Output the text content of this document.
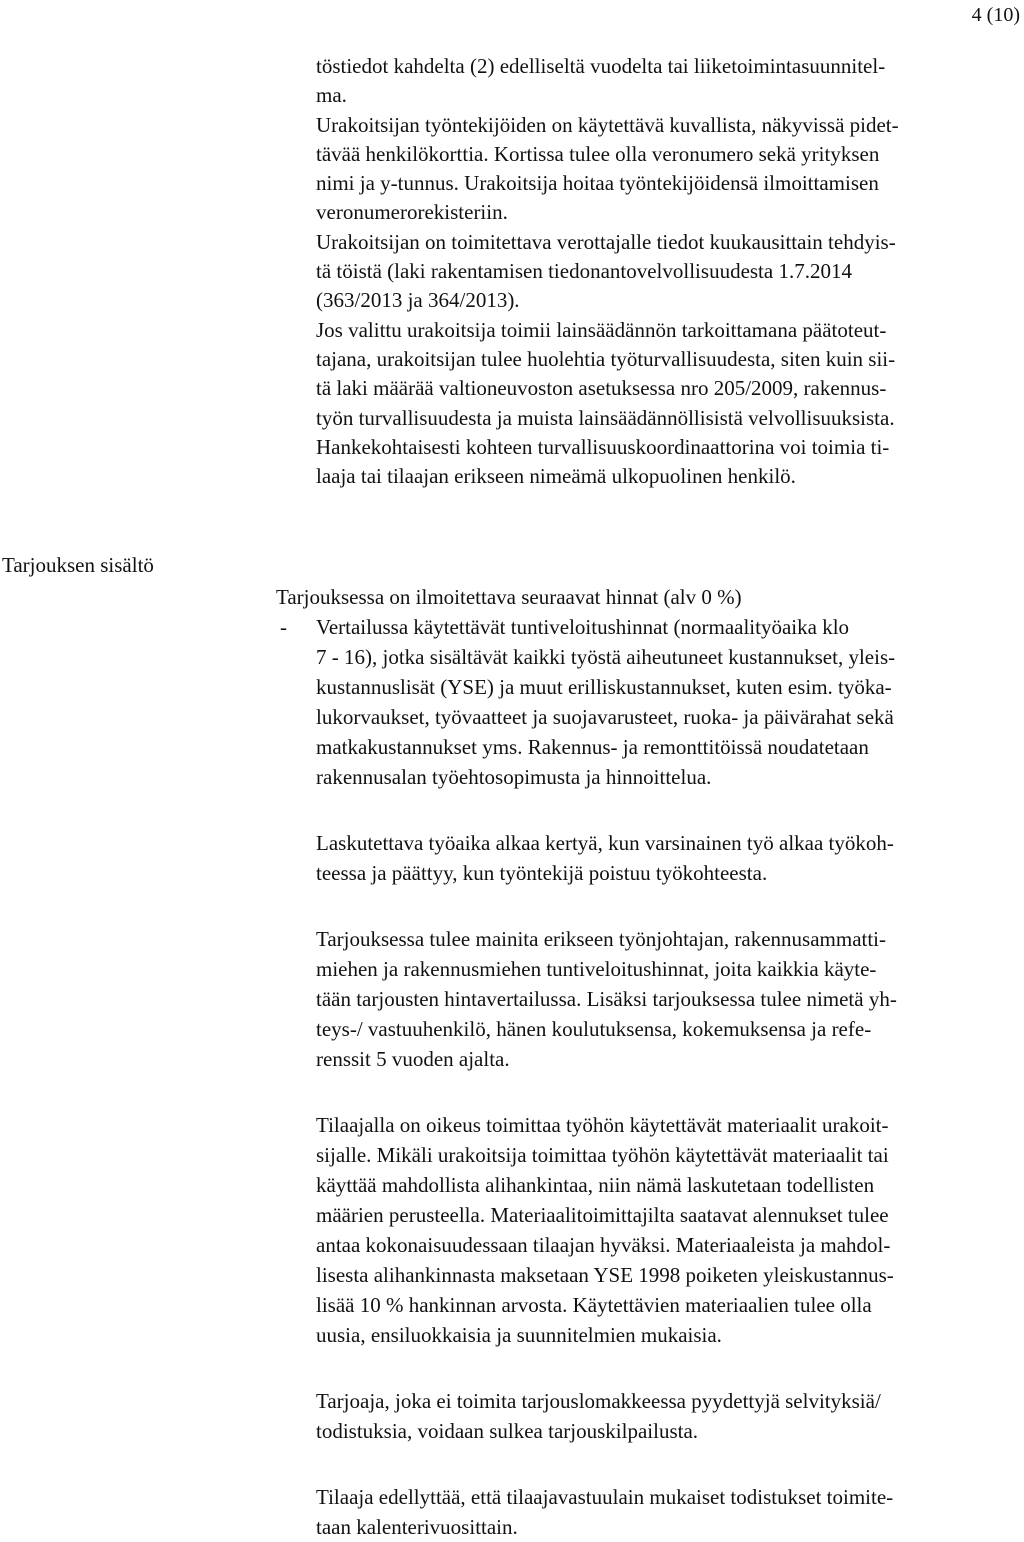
4 (10)
töstiedot kahdelta (2) edelliseltä vuodelta tai liiketoimintasuunnitel-
ma.
Urakoitsijan työntekijöiden on käytettävä kuvallista, näkyvissä pidet-
tävää henkilökorttia. Kortissa tulee olla veronumero sekä yrityksen
nimi ja y-tunnus. Urakoitsija hoitaa työntekijöidensä ilmoittamisen
veronumerorekisteriin.
Urakoitsijan on toimitettava verottajalle tiedot kuukausittain tehdyis-
tä töistä (laki rakentamisen tiedonantovelvollisuudesta 1.7.2014
(363/2013 ja 364/2013).
Jos valittu urakoitsija toimii lainsäädännön tarkoittamana päätoteut-
tajana, urakoitsijan tulee huolehtia työturvallisuudesta, siten kuin sii-
tä laki määrää valtioneuvoston asetuksessa nro 205/2009, rakennus-
työn turvallisuudesta ja muista lainsäädännöllisistä velvollisuuksista.
Hankekohtaisesti kohteen turvallisuuskoordinaattorina voi toimia ti-
laaja tai tilaajan erikseen nimeämä ulkopuolinen henkilö.
Tarjouksen sisältö
Tarjouksessa on ilmoitettava seuraavat hinnat (alv 0 %)
- Vertailussa käytettävät tuntiveloitushinnat (normaalityöaika klo
7 - 16), jotka sisältävät kaikki työstä aiheutuneet kustannukset, yleis-
kustannuslisät (YSE) ja muut erilliskustannukset, kuten esim. työka-
lukorvaukset, työvaatteet ja suojavarusteet, ruoka- ja päivärahat sekä
matkakustannukset yms. Rakennus- ja remonttitöissä noudatetaan
rakennusalan työehtosopimusta ja hinnoittelua.
Laskutettava työaika alkaa kertyä, kun varsinainen työ alkaa työkoh-
teessa ja päättyy, kun työntekijä poistuu työkohteesta.
Tarjouksessa tulee mainita erikseen työnjohtajan, rakennusammatti-
miehen ja rakennusmiehen tuntiveloitushinnat, joita kaikkia käyte-
tään tarjousten hintavertailussa. Lisäksi tarjouksessa tulee nimetä yh-
teys-/ vastuuhenkilö, hänen koulutuksensa, kokemuksensa ja refe-
renssit 5 vuoden ajalta.
Tilaajalla on oikeus toimittaa työhön käytettävät materiaalit urakoit-
sijalle. Mikäli urakoitsija toimittaa työhön käytettävät materiaalit tai
käyttää mahdollista alihankintaa, niin nämä laskutetaan todellisten
määrien perusteella. Materiaalitoimittajilta saatavat alennukset tulee
antaa kokonaisuudessaan tilaajan hyväksi. Materiaaleista ja mahdol-
lisesta alihankinnasta maksetaan YSE 1998 poiketen yleiskustannus-
lisää 10 % hankinnan arvosta. Käytettävien materiaalien tulee olla
uusia, ensiluokkaisia ja suunnitelmien mukaisia.
Tarjoaja, joka ei toimita tarjouslomakkeessa pyydettyjä selvityksiä/
todistuksia, voidaan sulkea tarjouskilpailusta.
Tilaaja edellyttää, että tilaajavastuulain mukaiset todistukset toimite-
taan kalenterivuosittain.
